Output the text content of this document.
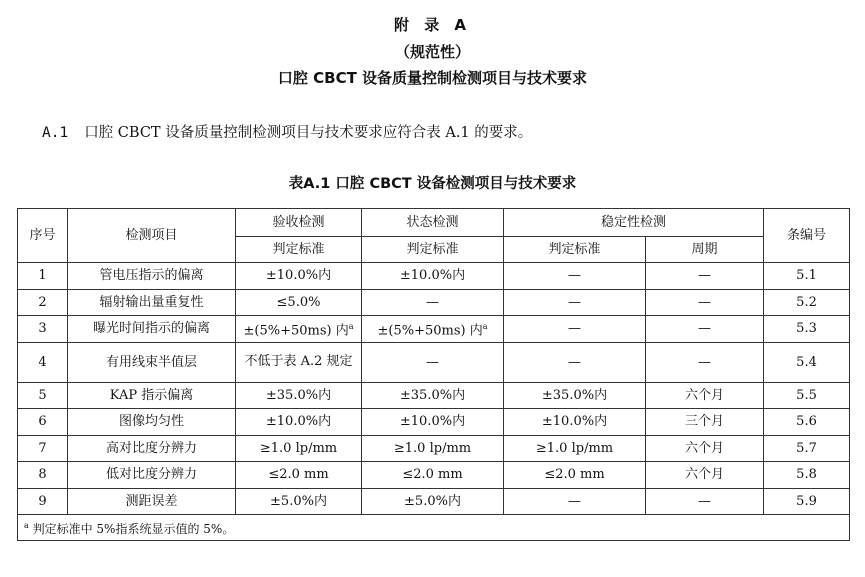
附 录 A
（规范性）
口腔 CBCT 设备质量控制检测项目与技术要求
A.1 口腔 CBCT 设备质量控制检测项目与技术要求应符合表 A.1 的要求。
表A.1 口腔 CBCT 设备检测项目与技术要求
序号	检测项目	验收检测	状态检测	稳定性检测		条编号
		判定标准	判定标准	判定标准	周期	
1	管电压指示的偏离	±10.0%内	±10.0%内	—	—	5.1
2	辐射输出量重复性	≤5.0%	—	—	—	5.2
3	曝光时间指示的偏离	±(5%+50ms) 内$^a$	±(5%+50ms) 内$^a$	—	—	5.3
4	有用线束半值层	不低于表 A.2 规定	—	—	—	5.4
5	KAP 指示偏离	±35.0%内	±35.0%内	±35.0%内	六个月	5.5
6	图像均匀性	±10.0%内	±10.0%内	±10.0%内	三个月	5.6
7	高对比度分辨力	≥1.0 lp/mm	≥1.0 lp/mm	≥1.0 lp/mm	六个月	5.7
8	低对比度分辨力	≤2.0 mm	≤2.0 mm	≤2.0 mm	六个月	5.8
9	测距误差	±5.0%内	±5.0%内	—	—	5.9
$^a$ 判定标准中 5%指系统显示值的 5%。						
